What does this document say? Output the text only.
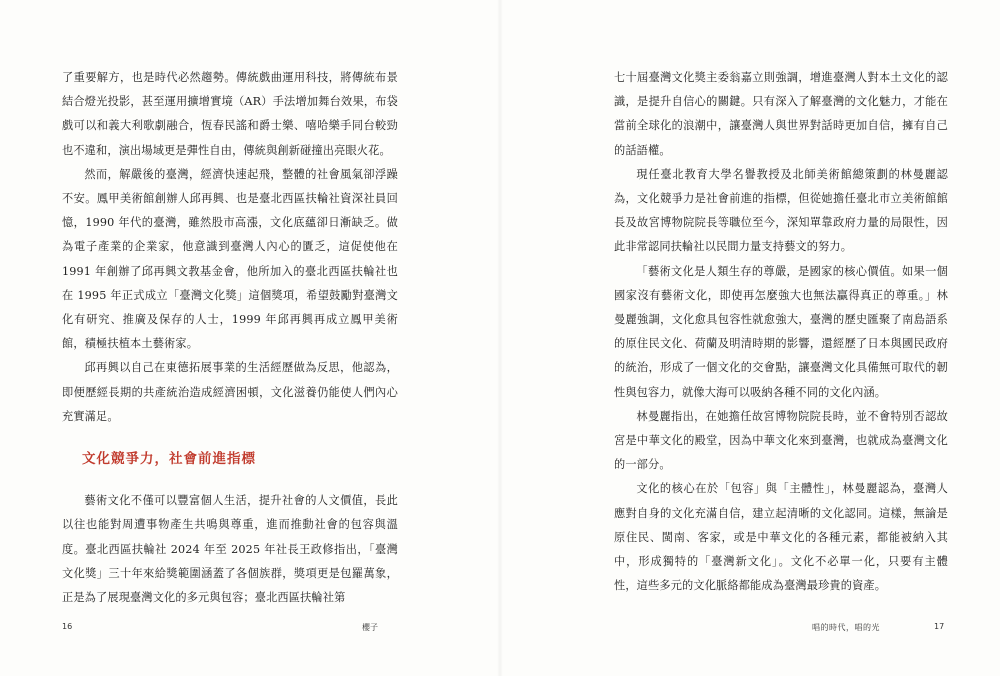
了重要解方，也是時代必然趨勢。傳統戲曲運用科技，將傳統布景結合燈光投影，甚至運用擴增實境（AR）手法增加舞台效果，布袋戲可以和義大利歌劇融合，恆春民謠和爵士樂、嘻哈樂手同台較勁也不違和，演出場域更是彈性自由，傳統與創新碰撞出亮眼火花。

然而，解嚴後的臺灣，經濟快速起飛，整體的社會風氣卻浮躁不安。鳳甲美術館創辦人邱再興、也是臺北西區扶輪社資深社員回憶，1990 年代的臺灣，雖然股市高漲，文化底蘊卻日漸缺乏。做為電子產業的企業家，他意識到臺灣人內心的匱乏，這促使他在 1991 年創辦了邱再興文教基金會，他所加入的臺北西區扶輪社也在 1995 年正式成立「臺灣文化獎」這個獎項，希望鼓勵對臺灣文化有研究、推廣及保存的人士，1999 年邱再興再成立鳳甲美術館，積極扶植本土藝術家。

邱再興以自己在東德拓展事業的生活經歷做為反思，他認為，即便歷經長期的共產統治造成經濟困頓，文化滋養仍能使人們內心充實滿足。

文化競爭力，社會前進指標

藝術文化不僅可以豐富個人生活，提升社會的人文價值，長此以往也能對周遭事物產生共鳴與尊重，進而推動社會的包容與溫度。臺北西區扶輪社 2024 年至 2025 年社長王政修指出，「臺灣文化獎」三十年來給獎範圍涵蓋了各個族群，獎項更是包羅萬象，正是為了展現臺灣文化的多元與包容；臺北西區扶輪社第

16	櫻子

七十屆臺灣文化獎主委翁嘉立則強調，增進臺灣人對本土文化的認識，是提升自信心的關鍵。只有深入了解臺灣的文化魅力，才能在當前全球化的浪潮中，讓臺灣人與世界對話時更加自信，擁有自己的話語權。

現任臺北教育大學名譽教授及北師美術館總策劃的林曼麗認為，文化競爭力是社會前進的指標，但從她擔任臺北市立美術館館長及故宮博物院院長等職位至今，深知單靠政府力量的局限性，因此非常認同扶輪社以民間力量支持藝文的努力。

「藝術文化是人類生存的尊嚴，是國家的核心價值。如果一個國家沒有藝術文化，即使再怎麼強大也無法贏得真正的尊重。」林曼麗強調，文化愈具包容性就愈強大，臺灣的歷史匯聚了南島語系的原住民文化、荷蘭及明清時期的影響，還經歷了日本與國民政府的統治，形成了一個文化的交會點，讓臺灣文化具備無可取代的韌性與包容力，就像大海可以吸納各種不同的文化內涵。

林曼麗指出，在她擔任故宮博物院院長時，並不會特別否認故宮是中華文化的殿堂，因為中華文化來到臺灣，也就成為臺灣文化的一部分。

文化的核心在於「包容」與「主體性」，林曼麗認為，臺灣人應對自身的文化充滿自信，建立起清晰的文化認同。這樣，無論是原住民、閩南、客家，或是中華文化的各種元素，都能被納入其中，形成獨特的「臺灣新文化」。文化不必單一化，只要有主體性，這些多元的文化脈絡都能成為臺灣最珍貴的資產。

唱的時代，唱的光	17
